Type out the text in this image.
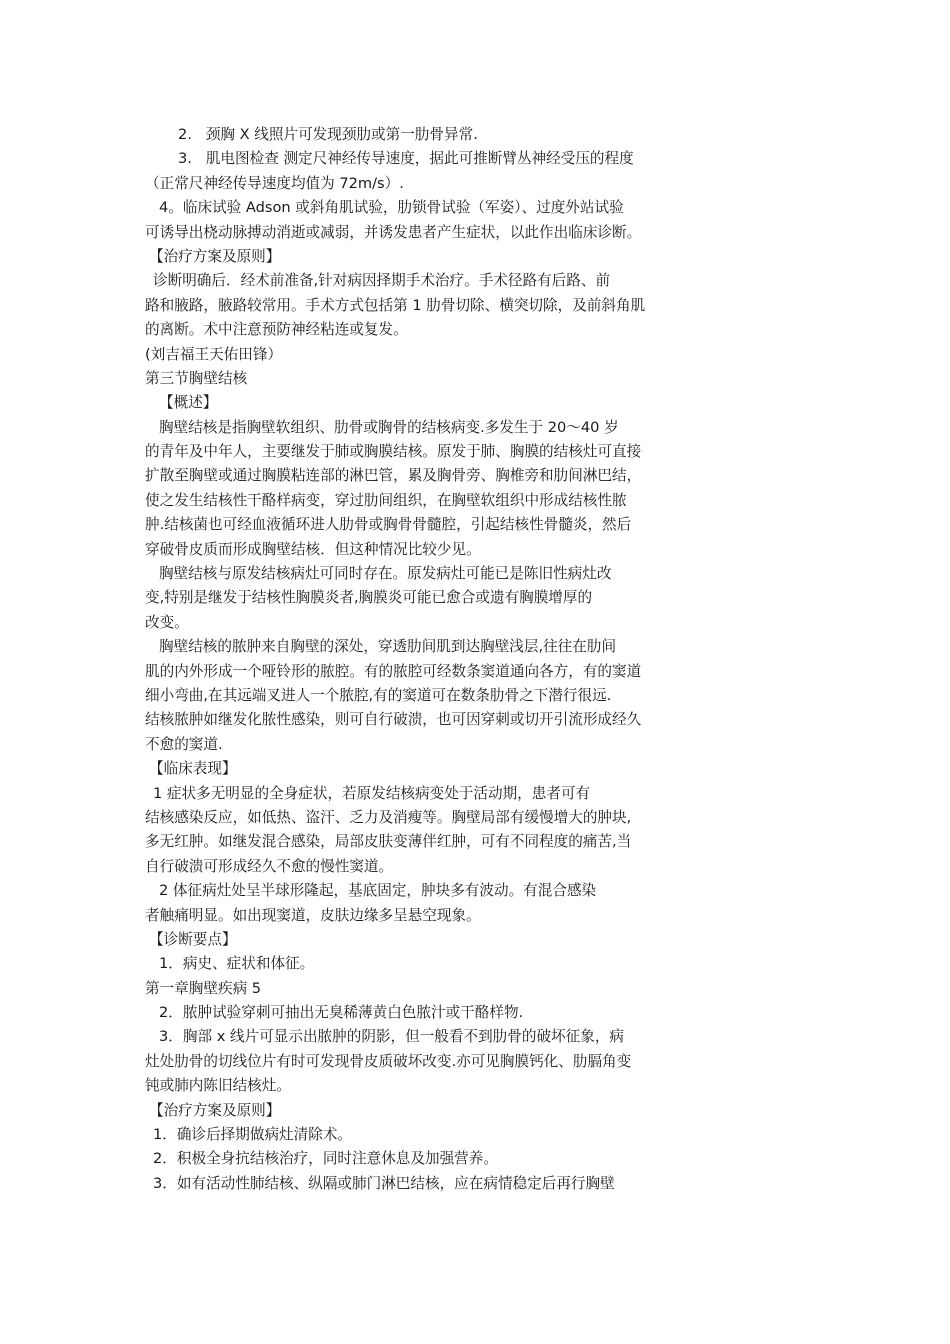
2.   颈胸 X 线照片可发现颈肋或第一肋骨异常.
3.   肌电图检查 测定尺神经传导速度，据此可推断臂丛神经受压的程度
（正常尺神经传导速度均值为 72m/s）.
4。临床试验 Adson 或斜角肌试验，肋锁骨试验（军姿）、过度外站试验
可诱导出桡动脉搏动消逝或减弱，并诱发患者产生症状，以此作出临床诊断。
【治疗方案及原则】
诊断明确后．经术前准备,针对病因择期手术治疗。手术径路有后路、前
路和腋路，腋路较常用。手术方式包括第 1 肋骨切除、横突切除，及前斜角肌
的离断。术中注意预防神经粘连或复发。
(刘吉福王天佑田锋）
第三节胸壁结核
【概述】
胸壁结核是指胸壁软组织、肋骨或胸骨的结核病变.多发生于 20～40 岁
的青年及中年人，主要继发于肺或胸膜结核。原发于肺、胸膜的结核灶可直接
扩散至胸壁或通过胸膜粘连部的淋巴管，累及胸骨旁、胸椎旁和肋间淋巴结，
使之发生结核性干酪样病变，穿过肋间组织，在胸壁软组织中形成结核性脓
肿.结核菌也可经血液循环进人肋骨或胸骨骨髓腔，引起结核性骨髓炎，然后
穿破骨皮质而形成胸壁结核．但这种情况比较少见。
胸壁结核与原发结核病灶可同时存在。原发病灶可能已是陈旧性病灶改
变,特别是继发于结核性胸膜炎者,胸膜炎可能已愈合或遗有胸膜增厚的
改变。
胸壁结核的脓肿来自胸壁的深处，穿透肋间肌到达胸壁浅层,往往在肋间
肌的内外形成一个哑铃形的脓腔。有的脓腔可经数条窦道通向各方，有的窦道
细小弯曲,在其远端叉进人一个脓腔,有的窦道可在数条肋骨之下潜行很远.
结核脓肿如继发化脓性感染，则可自行破溃，也可因穿刺或切开引流形成经久
不愈的窦道.
【临床表现】
1 症状多无明显的全身症状，若原发结核病变处于活动期，患者可有
结核感染反应，如低热、盗汗、乏力及消瘦等。胸壁局部有缓慢增大的肿块,
多无红肿。如继发混合感染，局部皮肤变薄伴红肿，可有不同程度的痛苦,当
自行破溃可形成经久不愈的慢性窦道。
2 体征病灶处呈半球形隆起，基底固定，肿块多有波动。有混合感染
者触痛明显。如出现窦道，皮肤边缘多呈悬空现象。
【诊断要点】
1．病史、症状和体征。
第一章胸壁疾病 5
2．脓肿试验穿刺可抽出无臭稀薄黄白色脓汁或干酪样物.
3．胸部 x 线片可显示出脓肿的阴影，但一般看不到肋骨的破坏征象，病
灶处肋骨的切线位片有时可发现骨皮质破坏改变.亦可见胸膜钙化、肋膈角变
钝或肺内陈旧结核灶。
【治疗方案及原则】
1．确诊后择期做病灶清除术。
2．积极全身抗结核治疗，同时注意休息及加强营养。
3．如有活动性肺结核、纵隔或肺门淋巴结核，应在病情稳定后再行胸壁
